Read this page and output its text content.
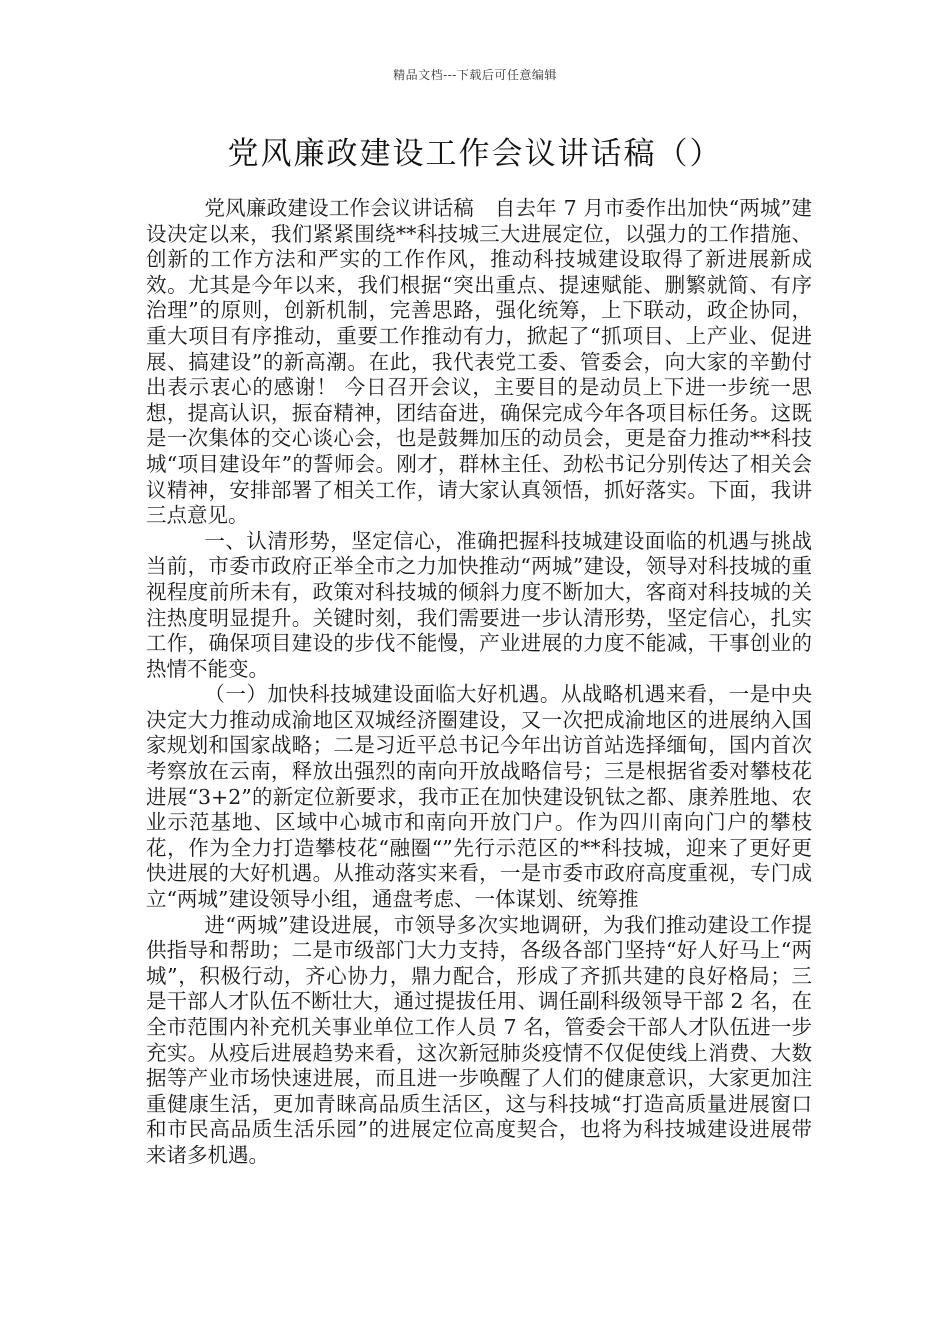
精品文档---下载后可任意编辑
党风廉政建设工作会议讲话稿（）

党风廉政建设工作会议讲话稿　自去年 7 月市委作出加快“两城”建设决定以来，我们紧紧围绕**科技城三大进展定位，以强力的工作措施、创新的工作方法和严实的工作作风，推动科技城建设取得了新进展新成效。尤其是今年以来，我们根据“突出重点、提速赋能、删繁就简、有序治理”的原则，创新机制，完善思路，强化统筹，上下联动，政企协同，重大项目有序推动，重要工作推动有力，掀起了“抓项目、上产业、促进展、搞建设”的新高潮。在此，我代表党工委、管委会，向大家的辛勤付出表示衷心的感谢！ 今日召开会议，主要目的是动员上下进一步统一思想，提高认识，振奋精神，团结奋进，确保完成今年各项目标任务。这既是一次集体的交心谈心会，也是鼓舞加压的动员会，更是奋力推动**科技城“项目建设年”的誓师会。刚才，群林主任、劲松书记分别传达了相关会议精神，安排部署了相关工作，请大家认真领悟，抓好落实。下面，我讲三点意见。

一、认清形势，坚定信心，准确把握科技城建设面临的机遇与挑战 当前，市委市政府正举全市之力加快推动“两城”建设，领导对科技城的重视程度前所未有，政策对科技城的倾斜力度不断加大，客商对科技城的关注热度明显提升。关键时刻，我们需要进一步认清形势，坚定信心，扎实工作，确保项目建设的步伐不能慢，产业进展的力度不能减，干事创业的热情不能变。

（一）加快科技城建设面临大好机遇。从战略机遇来看，一是中央决定大力推动成渝地区双城经济圈建设，又一次把成渝地区的进展纳入国家规划和国家战略；二是习近平总书记今年出访首站选择缅甸，国内首次考察放在云南，释放出强烈的南向开放战略信号；三是根据省委对攀枝花进展“3+2”的新定位新要求，我市正在加快建设钒钛之都、康养胜地、农业示范基地、区域中心城市和南向开放门户。作为四川南向门户的攀枝花，作为全力打造攀枝花“融圈“”先行示范区的**科技城，迎来了更好更快进展的大好机遇。从推动落实来看，一是市委市政府高度重视，专门成立“两城”建设领导小组，通盘考虑、一体谋划、统筹推

进“两城”建设进展，市领导多次实地调研，为我们推动建设工作提供指导和帮助；二是市级部门大力支持，各级各部门坚持“好人好马上“两城”，积极行动，齐心协力，鼎力配合，形成了齐抓共建的良好格局；三是干部人才队伍不断壮大，通过提拔任用、调任副科级领导干部 2 名，在全市范围内补充机关事业单位工作人员 7 名，管委会干部人才队伍进一步充实。从疫后进展趋势来看，这次新冠肺炎疫情不仅促使线上消费、大数据等产业市场快速进展，而且进一步唤醒了人们的健康意识，大家更加注重健康生活，更加青睐高品质生活区，这与科技城“打造高质量进展窗口和市民高品质生活乐园”的进展定位高度契合，也将为科技城建设进展带来诸多机遇。
